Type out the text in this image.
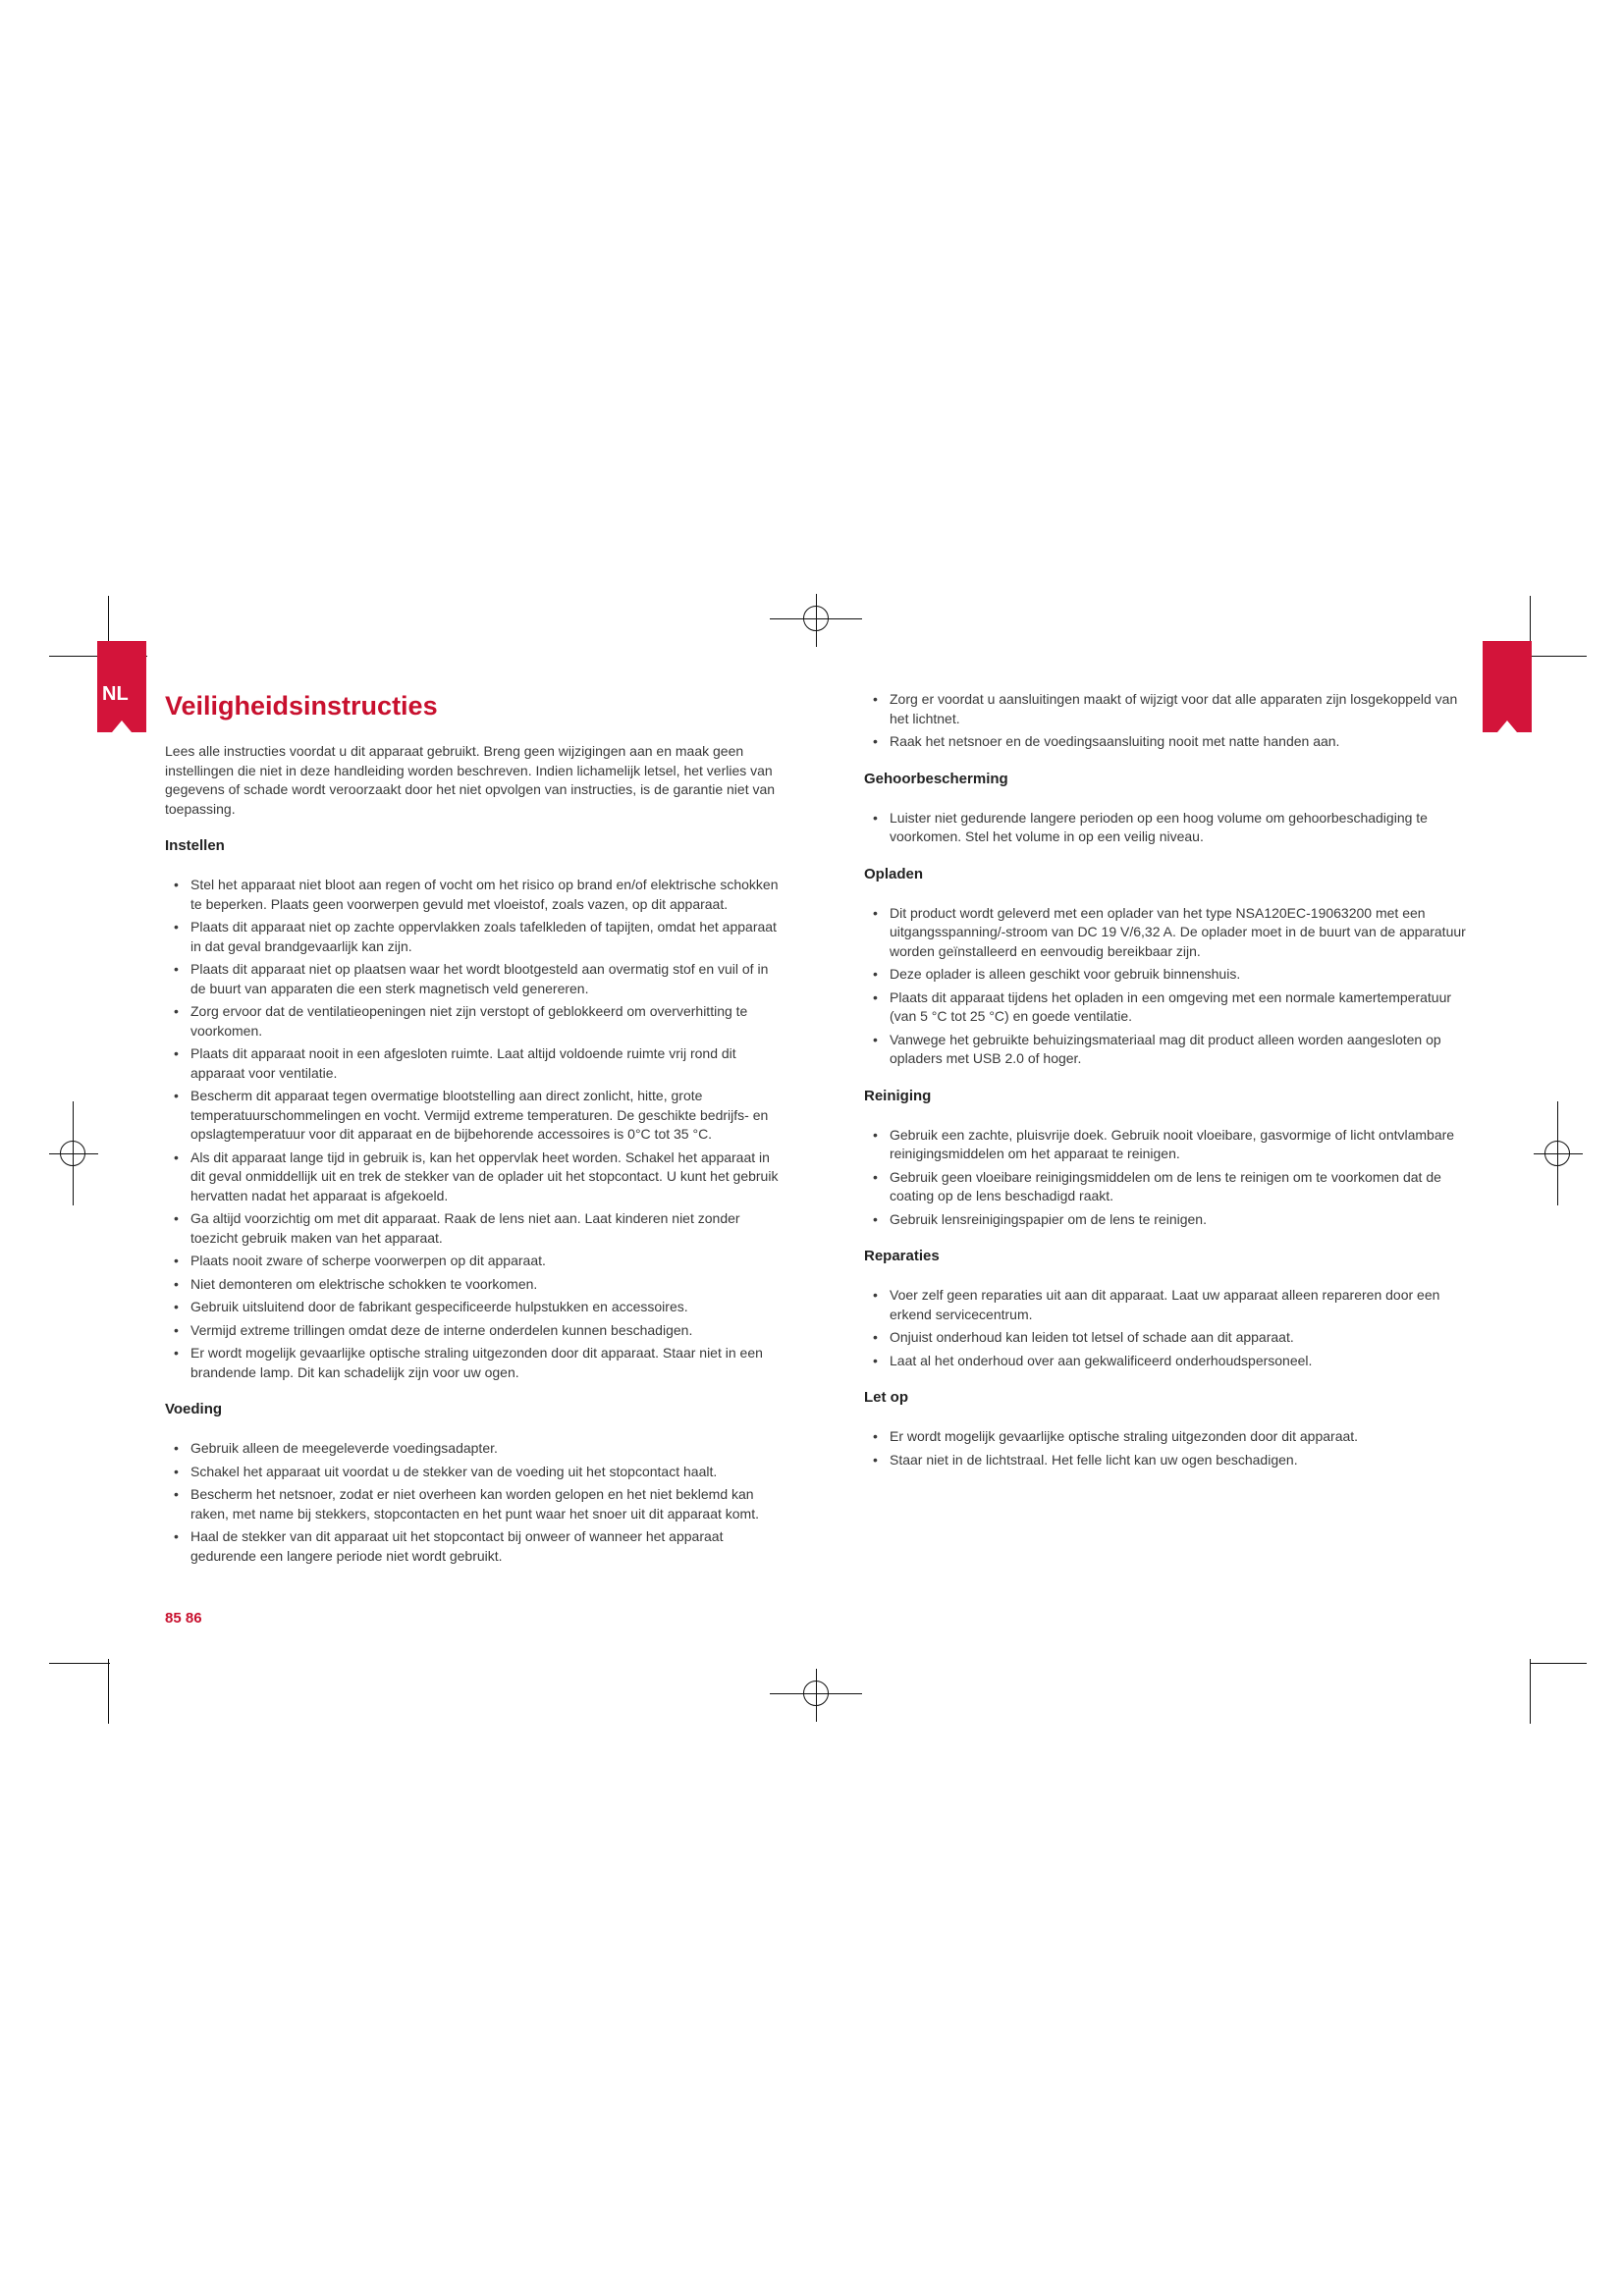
NL Veiligheidsinstructies

Lees alle instructies voordat u dit apparaat gebruikt. Breng geen wijzigingen aan en maak geen instellingen die niet in deze handleiding worden beschreven. Indien lichamelijk letsel, het verlies van gegevens of schade wordt veroorzaakt door het niet opvolgen van instructies, is de garantie niet van toepassing.

Instellen
• Stel het apparaat niet bloot aan regen of vocht om het risico op brand en/of elektrische schokken te beperken. Plaats geen voorwerpen gevuld met vloeistof, zoals vazen, op dit apparaat.
• Plaats dit apparaat niet op zachte oppervlakken zoals tafelkleden of tapijten, omdat het apparaat in dat geval brandgevaarlijk kan zijn.
• Plaats dit apparaat niet op plaatsen waar het wordt blootgesteld aan overmatig stof en vuil of in de buurt van apparaten die een sterk magnetisch veld genereren.
• Zorg ervoor dat de ventilatieopeningen niet zijn verstopt of geblokkeerd om oververhitting te voorkomen.
• Plaats dit apparaat nooit in een afgesloten ruimte. Laat altijd voldoende ruimte vrij rond dit apparaat voor ventilatie.
• Bescherm dit apparaat tegen overmatige blootstelling aan direct zonlicht, hitte, grote temperatuurschommelingen en vocht. Vermijd extreme temperaturen. De geschikte bedrijfs- en opslagtemperatuur voor dit apparaat en de bijbehorende accessoires is 0°C tot 35 °C.
• Als dit apparaat lange tijd in gebruik is, kan het oppervlak heet worden. Schakel het apparaat in dit geval onmiddellijk uit en trek de stekker van de oplader uit het stopcontact. U kunt het gebruik hervatten nadat het apparaat is afgekoeld.
• Ga altijd voorzichtig om met dit apparaat. Raak de lens niet aan. Laat kinderen niet zonder toezicht gebruik maken van het apparaat.
• Plaats nooit zware of scherpe voorwerpen op dit apparaat.
• Niet demonteren om elektrische schokken te voorkomen.
• Gebruik uitsluitend door de fabrikant gespecificeerde hulpstukken en accessoires.
• Vermijd extreme trillingen omdat deze de interne onderdelen kunnen beschadigen.
• Er wordt mogelijk gevaarlijke optische straling uitgezonden door dit apparaat. Staar niet in een brandende lamp. Dit kan schadelijk zijn voor uw ogen.
Voeding
• Gebruik alleen de meegeleverde voedingsadapter.
• Schakel het apparaat uit voordat u de stekker van de voeding uit het stopcontact haalt.
• Bescherm het netsnoer, zodat er niet overheen kan worden gelopen en het niet beklemd kan raken, met name bij stekkers, stopcontacten en het punt waar het snoer uit dit apparaat komt.
• Haal de stekker van dit apparaat uit het stopcontact bij onweer of wanneer het apparaat gedurende een langere periode niet wordt gebruikt.
85 86
• Zorg er voordat u aansluitingen maakt of wijzigt voor dat alle apparaten zijn losgekoppeld van het lichtnet.
• Raak het netsnoer en de voedingsaansluiting nooit met natte handen aan.
Gehoorbescherming
• Luister niet gedurende langere perioden op een hoog volume om gehoorbeschadiging te voorkomen. Stel het volume in op een veilig niveau.
Opladen
• Dit product wordt geleverd met een oplader van het type NSA120EC-19063200 met een uitgangsspanning/-stroom van DC 19 V/6,32 A. De oplader moet in de buurt van de apparatuur worden geïnstalleerd en eenvoudig bereikbaar zijn.
• Deze oplader is alleen geschikt voor gebruik binnenshuis.
• Plaats dit apparaat tijdens het opladen in een omgeving met een normale kamertemperatuur (van 5 °C tot 25 °C) en goede ventilatie.
• Vanwege het gebruikte behuizingsmateriaal mag dit product alleen worden aangesloten op opladers met USB 2.0 of hoger.
Reiniging
• Gebruik een zachte, pluisvrije doek. Gebruik nooit vloeibare, gasvormige of licht ontvlambare reinigingsmiddelen om het apparaat te reinigen.
• Gebruik geen vloeibare reinigingsmiddelen om de lens te reinigen om te voorkomen dat de coating op de lens beschadigd raakt.
• Gebruik lensreinigingspapier om de lens te reinigen.
Reparaties
• Voer zelf geen reparaties uit aan dit apparaat. Laat uw apparaat alleen repareren door een erkend servicecentrum.
• Onjuist onderhoud kan leiden tot letsel of schade aan dit apparaat.
• Laat al het onderhoud over aan gekwalificeerd onderhoudspersoneel.
Let op
• Er wordt mogelijk gevaarlijke optische straling uitgezonden door dit apparaat.
• Staar niet in de lichtstraal. Het felle licht kan uw ogen beschadigen.
